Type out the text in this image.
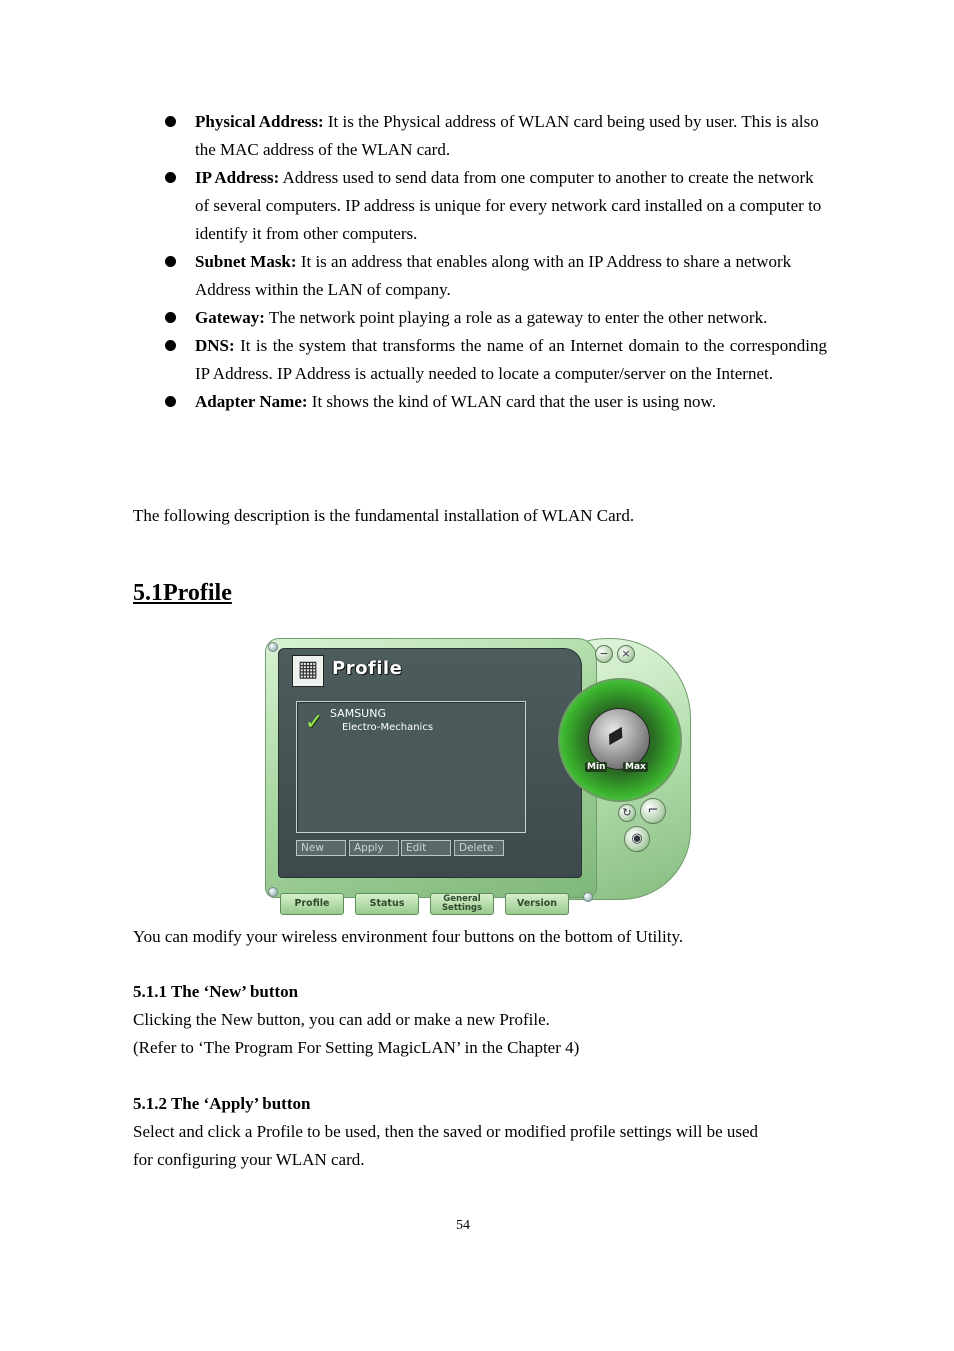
Physical Address: It is the Physical address of WLAN card being used by user. This is also the MAC address of the WLAN card.
IP Address: Address used to send data from one computer to another to create the network of several computers. IP address is unique for every network card installed on a computer to identify it from other computers.
Subnet Mask: It is an address that enables along with an IP Address to share a network Address within the LAN of company.
Gateway: The network point playing a role as a gateway to enter the other network.
DNS: It is the system that transforms the name of an Internet domain to the corresponding IP Address. IP Address is actually needed to locate a computer/server on the Internet.
Adapter Name: It shows the kind of WLAN card that the user is using now.
The following description is the fundamental installation of WLAN Card.
5.1Profile
▦ Profile
✓ SAMSUNG
Electro-Mechanics
New	Apply	Edit	Delete
Profile	Status	General
Settings	Version
▰
Min Max
−	×
↻	⌐
◉
You can modify your wireless environment four buttons on the bottom of Utility.
5.1.1 The ‘New’ button
Clicking the New button, you can add or make a new Profile.
(Refer to ‘The Program For Setting MagicLAN’ in the Chapter 4)
5.1.2 The ‘Apply’ button
Select and click a Profile to be used, then the saved or modified profile settings will be used
for configuring your WLAN card.
54
